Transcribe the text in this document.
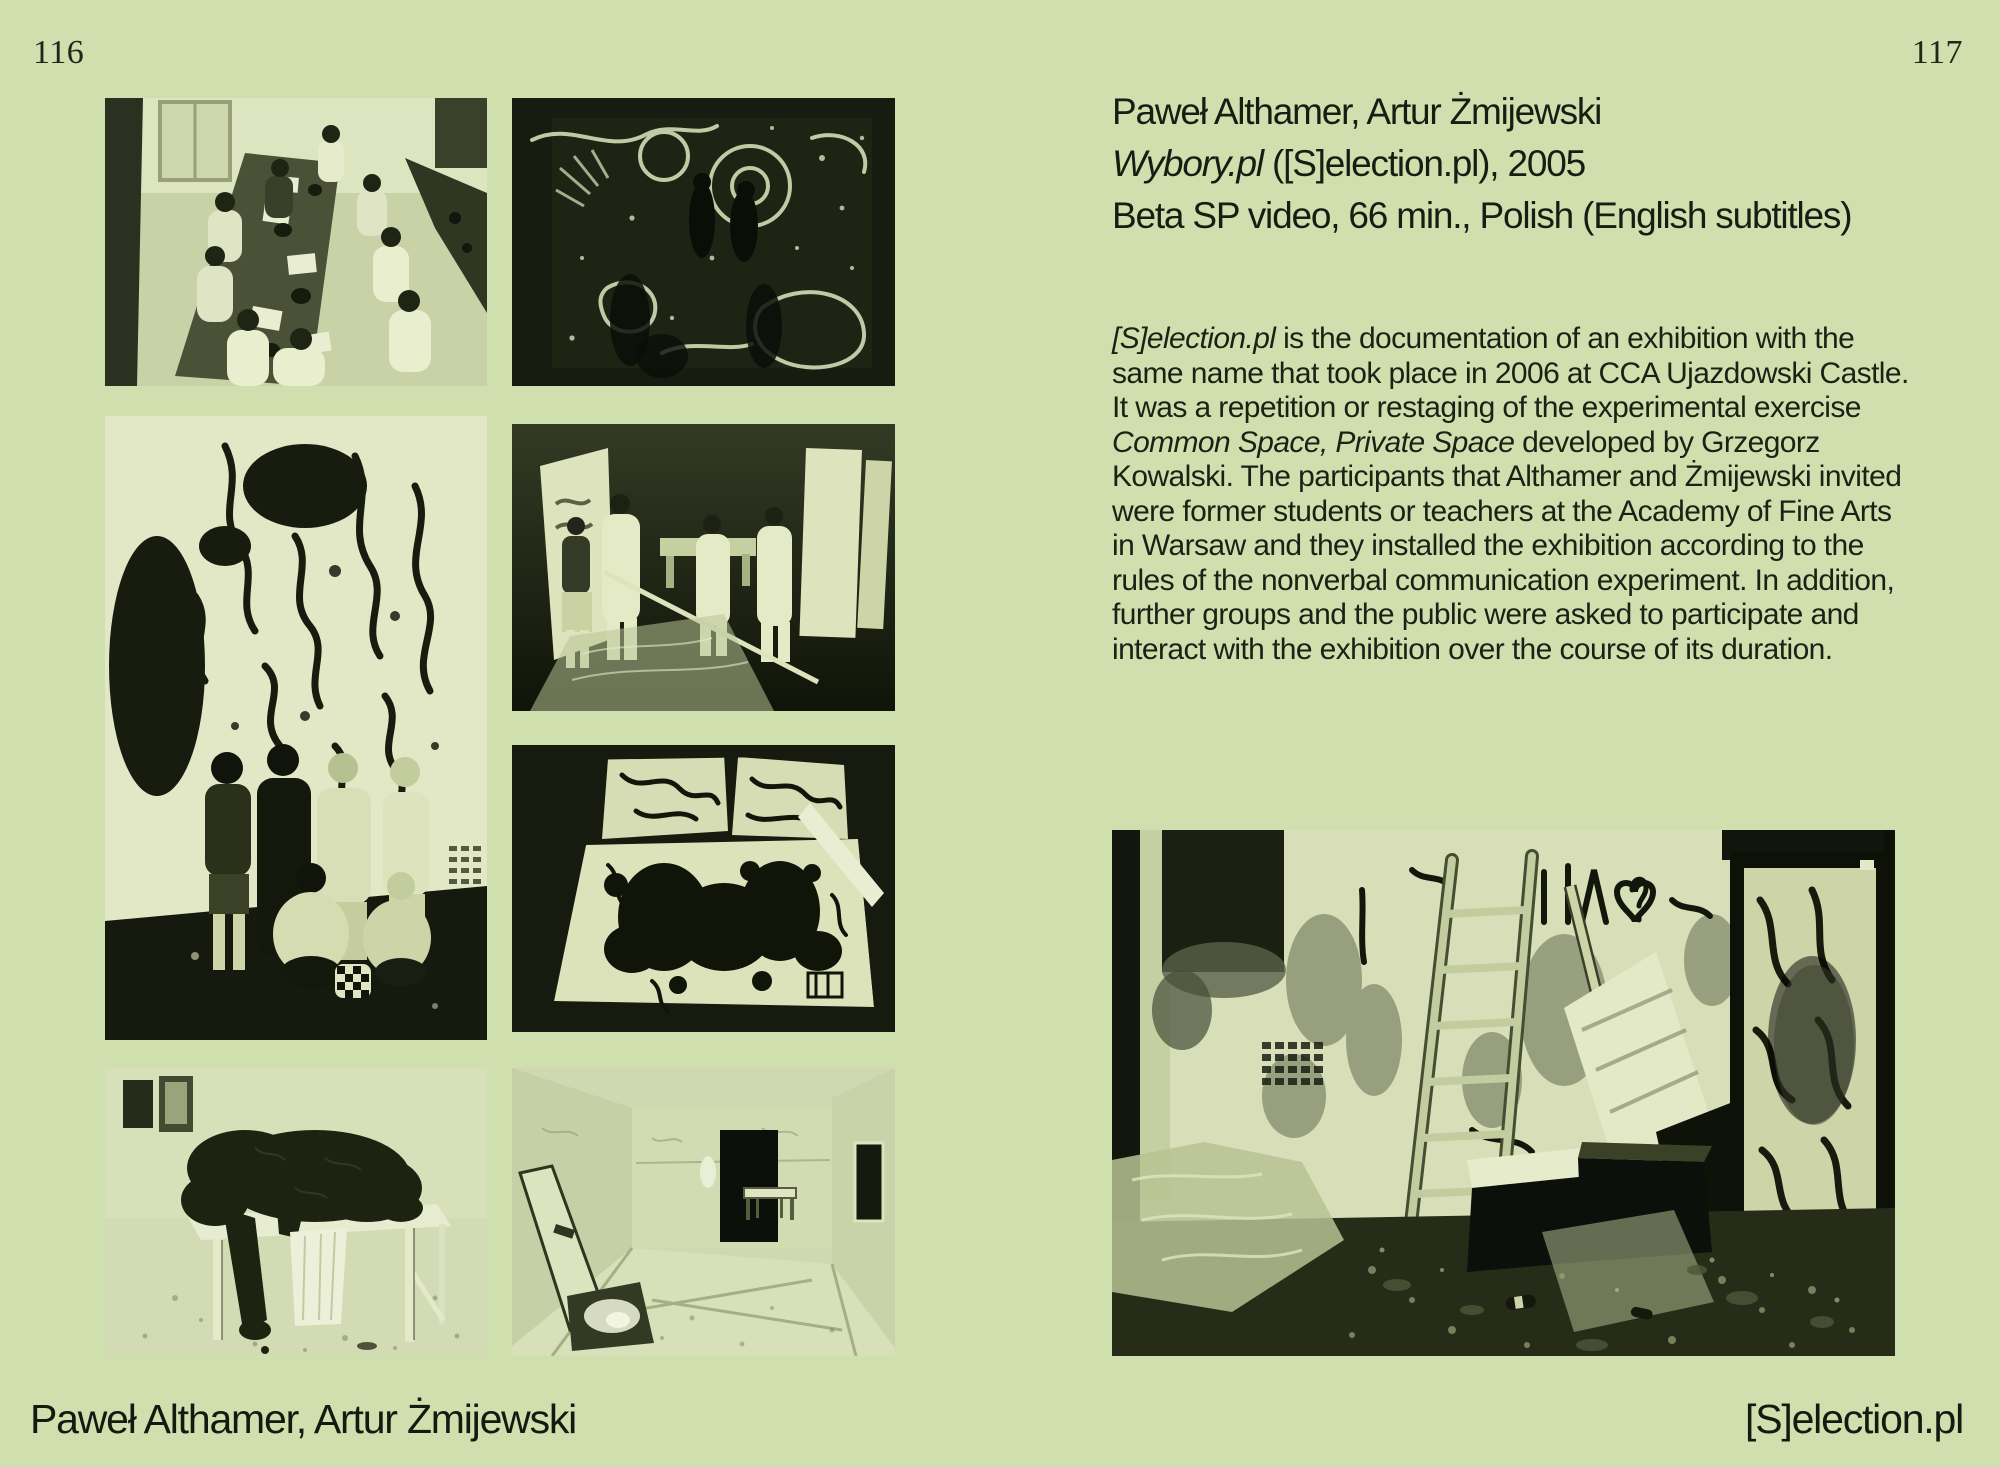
116
Paweł Althamer, Artur Żmijewski
117
Paweł Althamer, Artur Żmijewski
Wybory.pl ([S]election.pl), 2005
Beta SP video, 66 min., Polish (English subtitles)

[S]election.pl is the documentation of an exhibition with the same name that took place in 2006 at CCA Ujazdowski Castle. It was a repetition or restaging of the experimental exercise Common Space, Private Space developed by Grzegorz Kowalski. The participants that Althamer and Żmijewski invited were former students or teachers at the Academy of Fine Arts in Warsaw and they installed the exhibition according to the rules of the nonverbal communication experiment. In addition, further groups and the public were asked to participate and interact with the exhibition over the course of its duration.

[S]election.pl
